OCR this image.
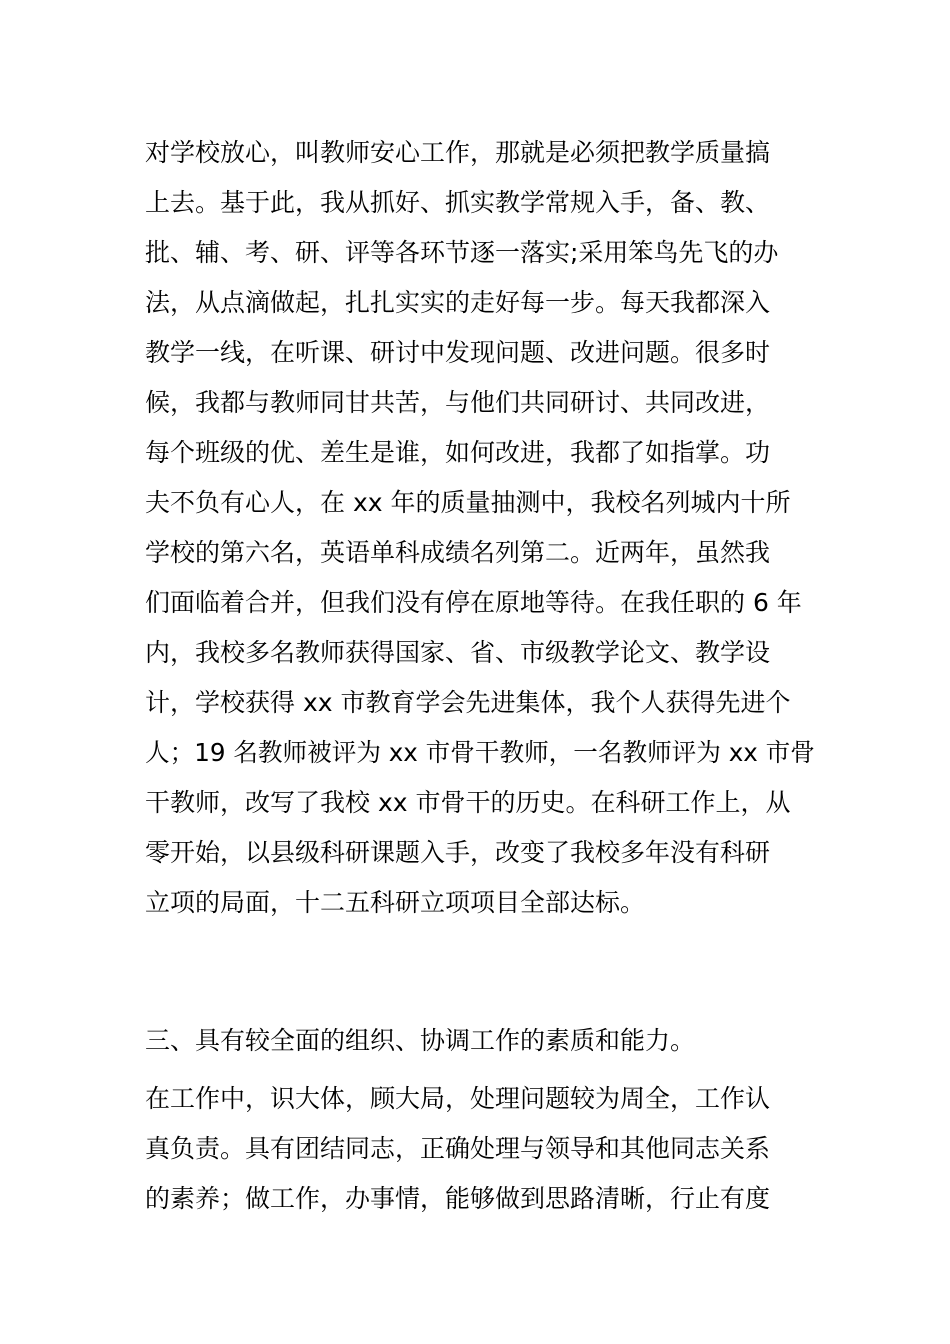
对学校放心，叫教师安心工作，那就是必须把教学质量搞
上去。基于此，我从抓好、抓实教学常规入手，备、教、
批、辅、考、研、评等各环节逐一落实;采用笨鸟先飞的办
法，从点滴做起，扎扎实实的走好每一步。每天我都深入
教学一线，在听课、研讨中发现问题、改进问题。很多时
候，我都与教师同甘共苦，与他们共同研讨、共同改进，
每个班级的优、差生是谁，如何改进，我都了如指掌。功
夫不负有心人，在 xx 年的质量抽测中，我校名列城内十所
学校的第六名，英语单科成绩名列第二。近两年，虽然我
们面临着合并，但我们没有停在原地等待。在我任职的 6 年
内，我校多名教师获得国家、省、市级教学论文、教学设
计，学校获得 xx 市教育学会先进集体，我个人获得先进个
人；19 名教师被评为 xx 市骨干教师，一名教师评为 xx 市骨
干教师，改写了我校 xx 市骨干的历史。在科研工作上，从
零开始，以县级科研课题入手，改变了我校多年没有科研
立项的局面，十二五科研立项项目全部达标。
三、具有较全面的组织、协调工作的素质和能力。
在工作中，识大体，顾大局，处理问题较为周全，工作认
真负责。具有团结同志，正确处理与领导和其他同志关系
的素养；做工作，办事情，能够做到思路清晰，行止有度
